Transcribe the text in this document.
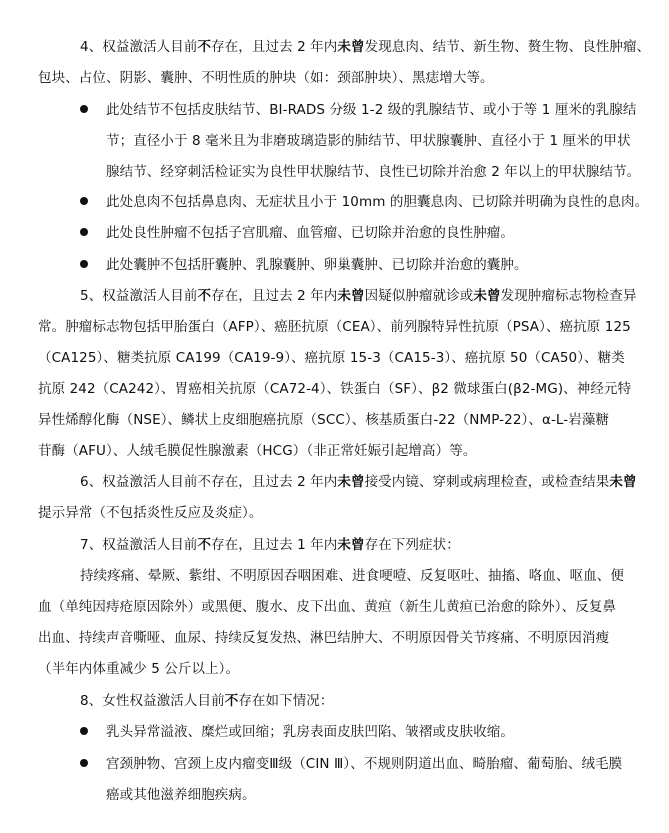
4、权益激活人目前不存在，且过去 2 年内未曾发现息肉、结节、新生物、赘生物、良性肿瘤、
包块、占位、阴影、囊肿、不明性质的肿块（如：颈部肿块）、黑痣增大等。
此处结节不包括皮肤结节、BI-RADS 分级 1-2 级的乳腺结节、或小于等 1 厘米的乳腺结
节；直径小于 8 毫米且为非磨玻璃造影的肺结节、甲状腺囊肿、直径小于 1 厘米的甲状
腺结节、经穿刺活检证实为良性甲状腺结节、良性已切除并治愈 2 年以上的甲状腺结节。
此处息肉不包括鼻息肉、无症状且小于 10mm 的胆囊息肉、已切除并明确为良性的息肉。
此处良性肿瘤不包括子宫肌瘤、血管瘤、已切除并治愈的良性肿瘤。
此处囊肿不包括肝囊肿、乳腺囊肿、卵巢囊肿、已切除并治愈的囊肿。
5、权益激活人目前不存在，且过去 2 年内未曾因疑似肿瘤就诊或未曾发现肿瘤标志物检查异
常。肿瘤标志物包括甲胎蛋白（AFP）、癌胚抗原（CEA）、前列腺特异性抗原（PSA）、癌抗原 125
（CA125）、糖类抗原 CA199（CA19-9）、癌抗原 15-3（CA15-3）、癌抗原 50（CA50）、糖类
抗原 242（CA242）、胃癌相关抗原（CA72-4）、铁蛋白（SF）、β2 微球蛋白(β2-MG)、神经元特
异性烯醇化酶（NSE）、鳞状上皮细胞癌抗原（SCC）、核基质蛋白-22（NMP-22）、α-L-岩藻糖
苷酶（AFU）、人绒毛膜促性腺激素（HCG）（非正常妊娠引起增高）等。
6、权益激活人目前不存在，且过去 2 年内未曾接受内镜、穿刺或病理检查，或检查结果未曾
提示异常（不包括炎性反应及炎症）。
7、权益激活人目前不存在，且过去 1 年内未曾存在下列症状：
持续疼痛、晕厥、紫绀、不明原因吞咽困难、进食哽噎、反复呕吐、抽搐、咯血、呕血、便
血（单纯因痔疮原因除外）或黑便、腹水、皮下出血、黄疸（新生儿黄疸已治愈的除外）、反复鼻
出血、持续声音嘶哑、血尿、持续反复发热、淋巴结肿大、不明原因骨关节疼痛、不明原因消瘦
（半年内体重减少 5 公斤以上）。
8、女性权益激活人目前不存在如下情况：
乳头异常溢液、糜烂或回缩；乳房表面皮肤凹陷、皱褶或皮肤收缩。
宫颈肿物、宫颈上皮内瘤变Ⅲ级（CIN Ⅲ）、不规则阴道出血、畸胎瘤、葡萄胎、绒毛膜
癌或其他滋养细胞疾病。
